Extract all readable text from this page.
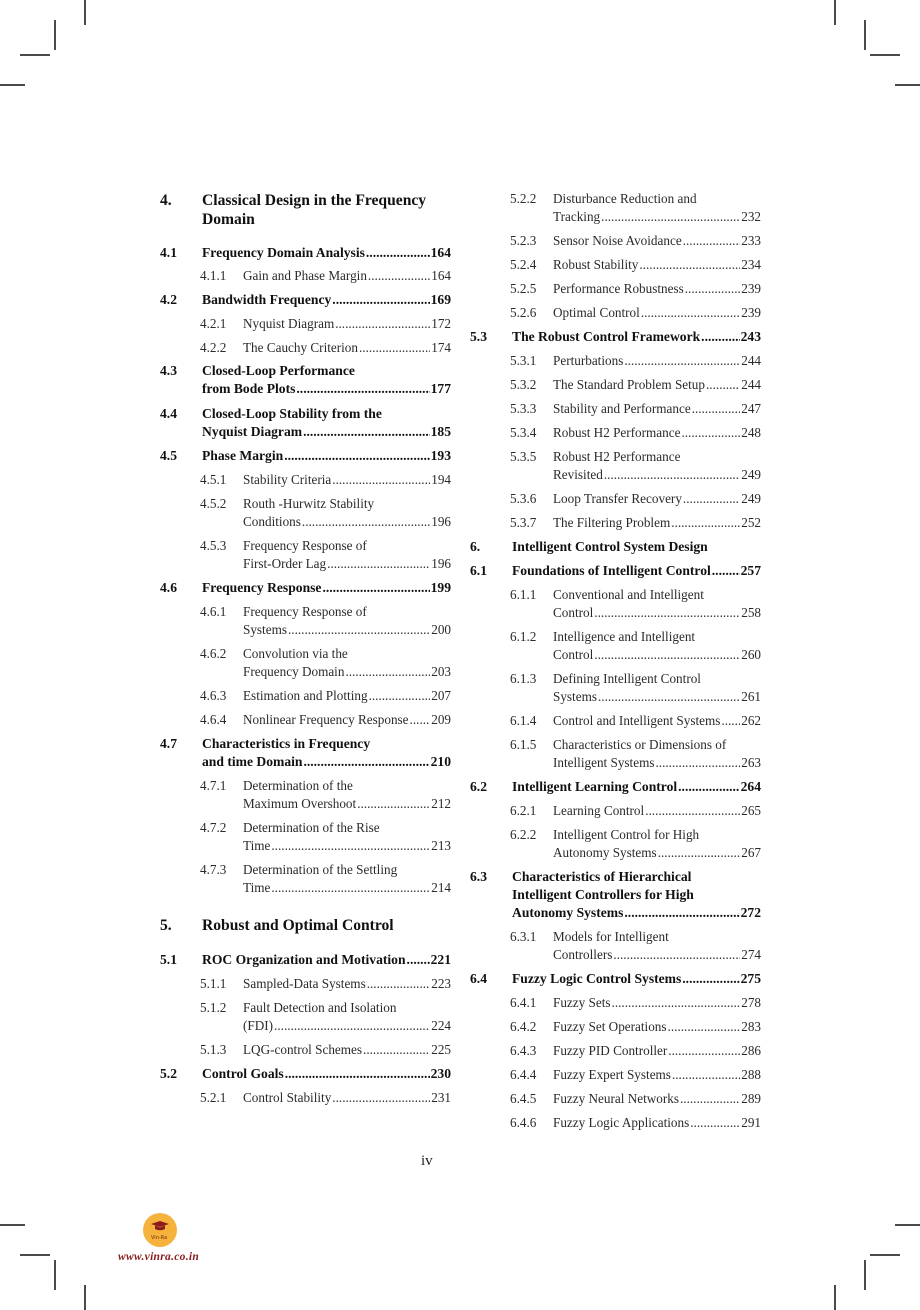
4. Classical Design in the Frequency
Domain
4.1 Frequency Domain Analysis .....	164
4.1.1 Gain and Phase Margin .....	164
4.2 Bandwidth Frequency .....	169
4.2.1 Nyquist Diagram .....	172
4.2.2 The Cauchy Criterion .....	174
4.3 Closed-Loop Performance
from Bode Plots .....	177
4.4 Closed-Loop Stability from the
Nyquist Diagram .....	185
4.5 Phase Margin .....	193
4.5.1 Stability Criteria .....	194
4.5.2 Routh -Hurwitz Stability
Conditions .....	196
4.5.3 Frequency Response of
First-Order Lag .....	196
4.6 Frequency Response .....	199
4.6.1 Frequency Response of
Systems .....	200
4.6.2 Convolution via the
Frequency Domain .....	203
4.6.3 Estimation and Plotting .....	207
4.6.4 Nonlinear Frequency Response ..... 209
4.7 Characteristics in Frequency
and time Domain .....	210
4.7.1 Determination of the
Maximum Overshoot .....	212
4.7.2 Determination of the Rise
Time .....	213
4.7.3 Determination of the Settling
Time .....	214
5. Robust and Optimal Control
5.1 ROC Organization and Motivation ..... 221
5.1.1 Sampled-Data Systems .....	223
5.1.2 Fault Detection and Isolation
(FDI) .....	224
5.1.3 LQG-control Schemes .....	225
5.2 Control Goals .....	230
5.2.1 Control Stability .....	231
5.2.2 Disturbance Reduction and
Tracking .....	232
5.2.3 Sensor Noise Avoidance .....	233
5.2.4 Robust Stability .....	234
5.2.5 Performance Robustness .....	239
5.2.6 Optimal Control .....	239
5.3 The Robust Control Framework .....	243
5.3.1 Perturbations .....	244
5.3.2 The Standard Problem Setup .....	244
5.3.3 Stability and Performance .....	247
5.3.4 Robust H2 Performance .....	248
5.3.5 Robust H2 Performance
Revisited .....	249
5.3.6 Loop Transfer Recovery .....	249
5.3.7 The Filtering Problem .....	252
6. Intelligent Control System Design
6.1 Foundations of Intelligent Control ..... 257
6.1.1 Conventional and Intelligent
Control .....	258
6.1.2 Intelligence and Intelligent
Control .....	260
6.1.3 Defining Intelligent Control
Systems .....	261
6.1.4 Control and Intelligent Systems ..... 262
6.1.5 Characteristics or Dimensions of
Intelligent Systems .....	263
6.2 Intelligent Learning Control .....	264
6.2.1 Learning Control .....	265
6.2.2 Intelligent Control for High
Autonomy Systems .....	267
6.3 Characteristics of Hierarchical
Intelligent Controllers for High
Autonomy Systems .....	272
6.3.1 Models for Intelligent
Controllers .....	274
6.4 Fuzzy Logic Control Systems .....	275
6.4.1 Fuzzy Sets .....	278
6.4.2 Fuzzy Set Operations .....	283
6.4.3 Fuzzy PID Controller .....	286
6.4.4 Fuzzy Expert Systems .....	288
6.4.5 Fuzzy Neural Networks .....	289
6.4.6 Fuzzy Logic Applications .....	291
iv
Vin-Ra
www.vinra.co.in
